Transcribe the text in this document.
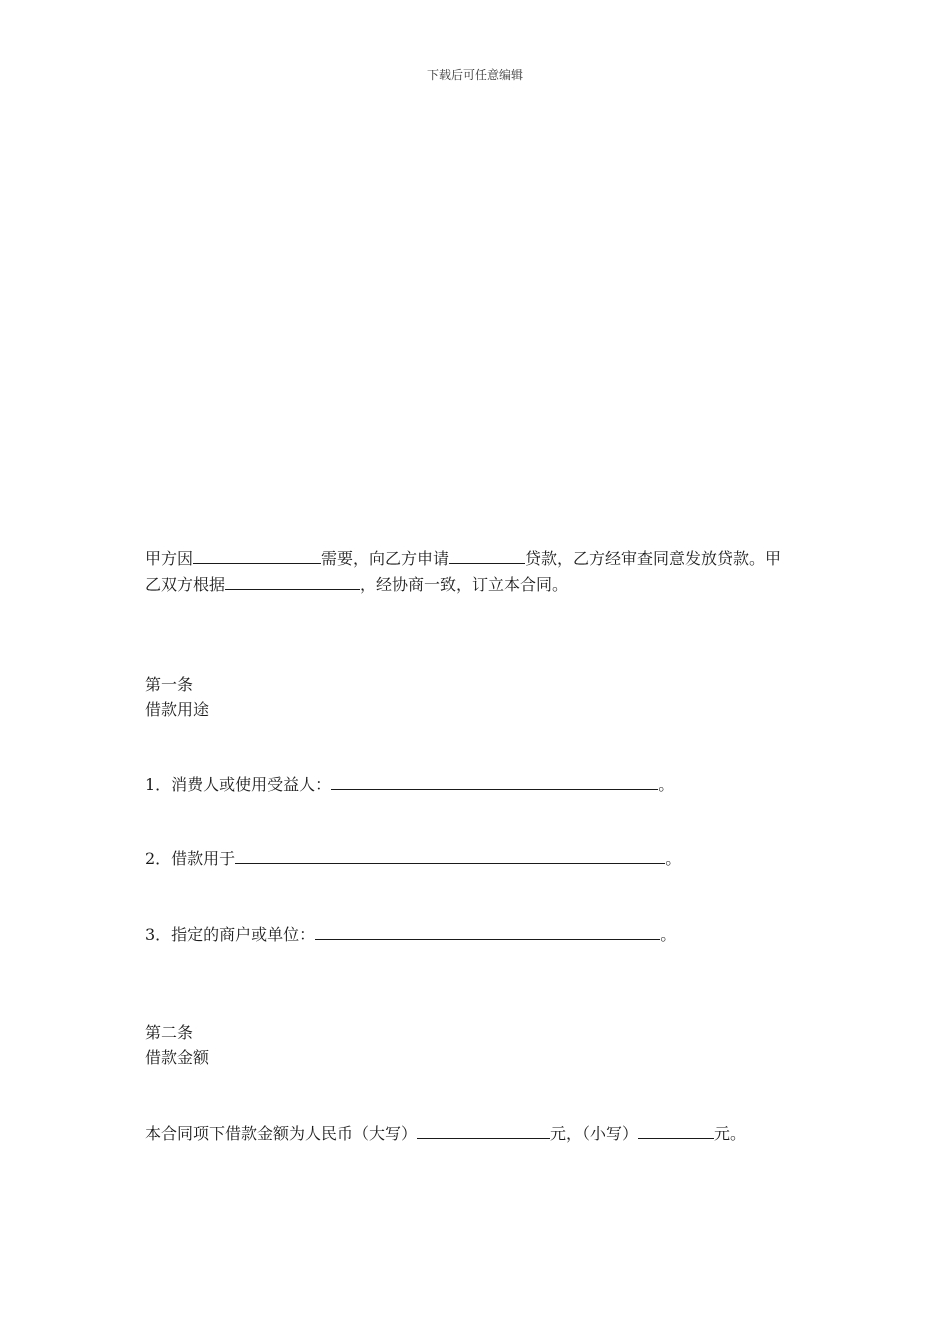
下载后可任意编辑
甲方因	需要，向乙方申请	贷款，乙方经审查同意发放贷款。甲
乙双方根据	，经协商一致，订立本合同。
第一条
借款用途
1．消费人或使用受益人：	。
2．借款用于	。
3．指定的商户或单位：	。
第二条
借款金额
本合同项下借款金额为人民币（大写）	元，（小写）	元。
